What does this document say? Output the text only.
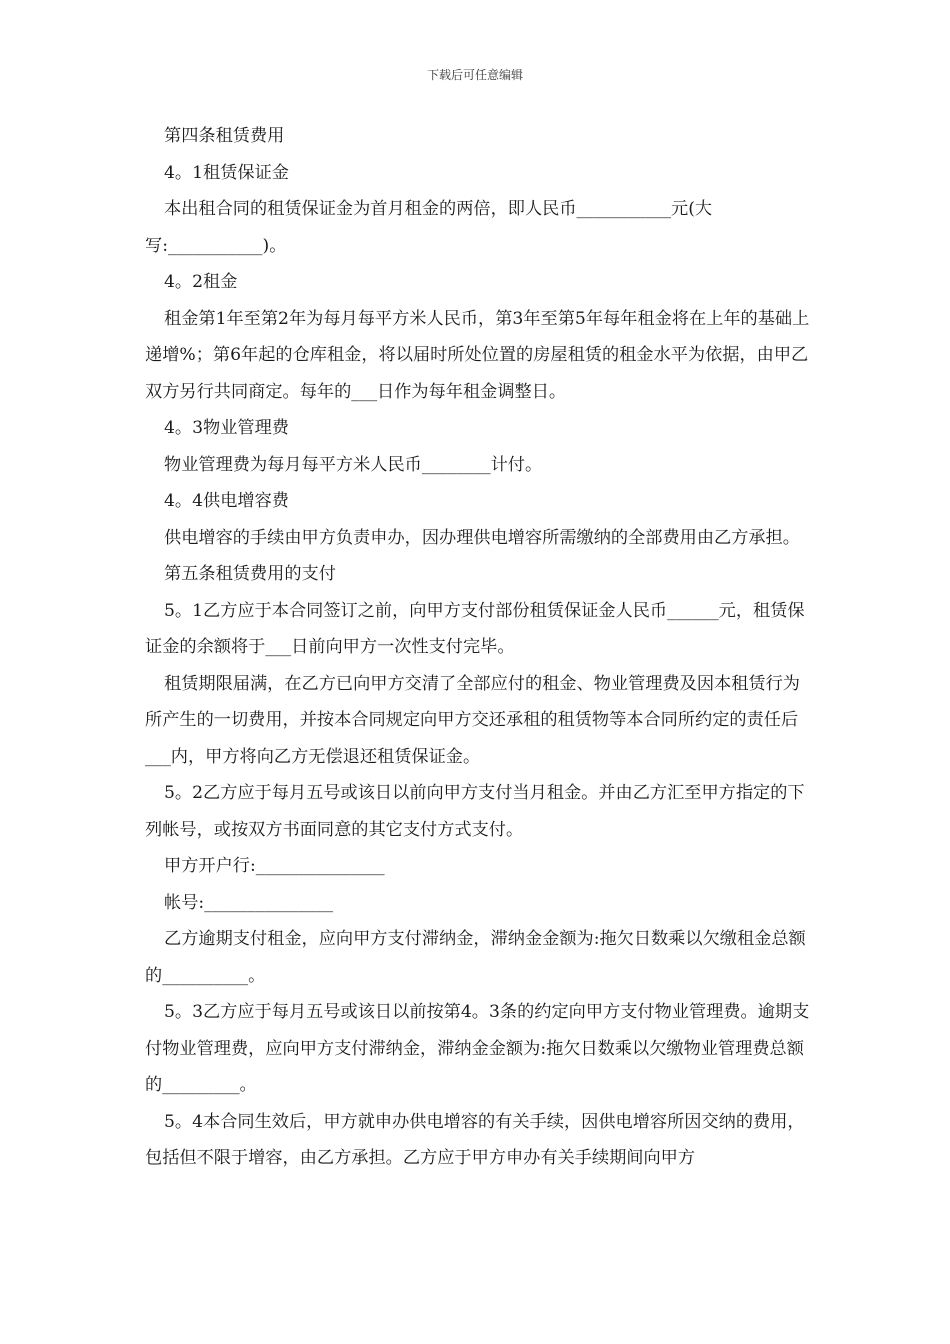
下载后可任意编辑

第四条租赁费用

4。1租赁保证金

本出租合同的租赁保证金为首月租金的两倍，即人民币___________元(大写:___________)。

4。2租金

租金第1年至第2年为每月每平方米人民币，第3年至第5年每年租金将在上年的基础上递增%；第6年起的仓库租金，将以届时所处位置的房屋租赁的租金水平为依据，由甲乙双方另行共同商定。每年的___日作为每年租金调整日。

4。3物业管理费

物业管理费为每月每平方米人民币________计付。

4。4供电增容费

供电增容的手续由甲方负责申办，因办理供电增容所需缴纳的全部费用由乙方承担。

第五条租赁费用的支付

5。1乙方应于本合同签订之前，向甲方支付部份租赁保证金人民币______元，租赁保证金的余额将于___日前向甲方一次性支付完毕。

租赁期限届满，在乙方已向甲方交清了全部应付的租金、物业管理费及因本租赁行为所产生的一切费用，并按本合同规定向甲方交还承租的租赁物等本合同所约定的责任后___内，甲方将向乙方无偿退还租赁保证金。

5。2乙方应于每月五号或该日以前向甲方支付当月租金。并由乙方汇至甲方指定的下列帐号，或按双方书面同意的其它支付方式支付。

甲方开户行:_______________

帐号:_______________

乙方逾期支付租金，应向甲方支付滞纳金，滞纳金金额为:拖欠日数乘以欠缴租金总额的__________。

5。3乙方应于每月五号或该日以前按第4。3条的约定向甲方支付物业管理费。逾期支付物业管理费，应向甲方支付滞纳金，滞纳金金额为:拖欠日数乘以欠缴物业管理费总额的_________。

5。4本合同生效后，甲方就申办供电增容的有关手续，因供电增容所因交纳的费用，包括但不限于增容，由乙方承担。乙方应于甲方申办有关手续期间向甲方
